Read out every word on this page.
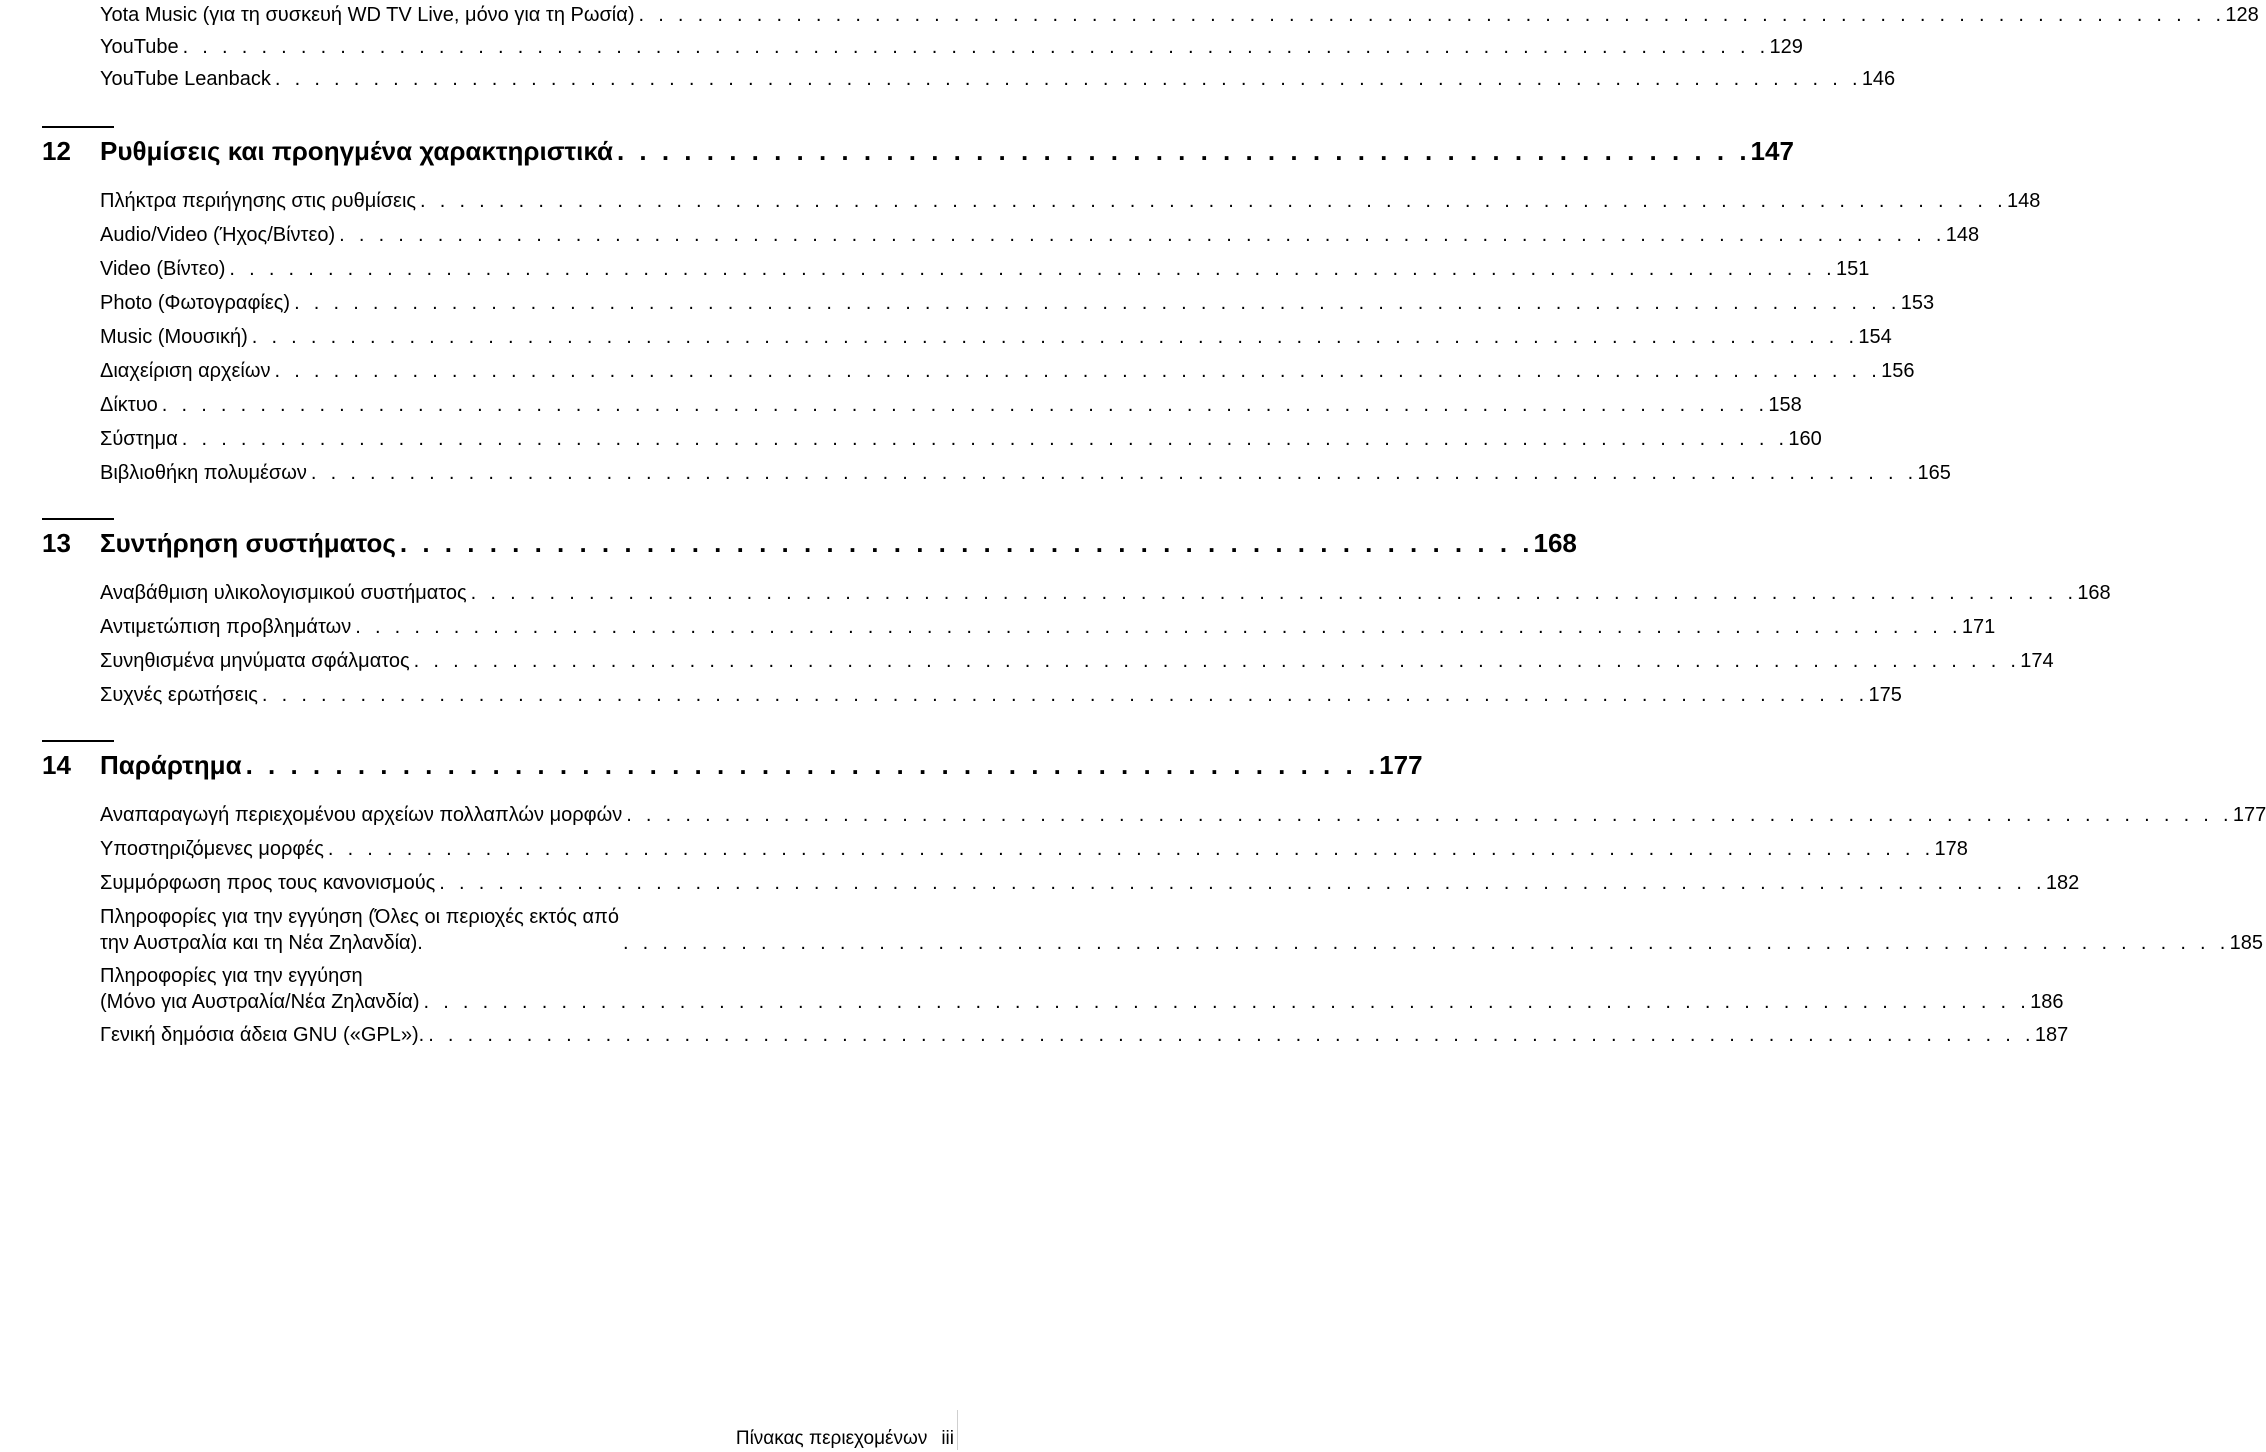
Yota Music (για τη συσκευή WD TV Live, μόνο για τη Ρωσία) . . . . . . . . . . . . . . . . . . . . . . . . . . . . . . . . . . . . . . . . . . . . . . . . . . . . . . . . . . . . . . . . . . . . . . . . . . . . . . . . . 128
YouTube . . . . . . . . . . . . . . . . . . . . . . . . . . . . . . . . . . . . . . . . . . . . . . . . . . . . . . . . . . . . . . . . . . . . . . . . . . . . . . . . . 129
YouTube Leanback . . . . . . . . . . . . . . . . . . . . . . . . . . . . . . . . . . . . . . . . . . . . . . . . . . . . . . . . . . . . . . . . . . . . . . . . . . . . . . . . . 146
12	Ρυθμίσεις και προηγμένα χαρακτηριστικά . . . . . . . . . . . . . . . . . . . . . . . . . . . . . . . . . . . . . . . . . . . . . . . . . . . 147
Πλήκτρα περιήγησης στις ρυθμίσεις . . . . . . . . . . . . . . . . . . . . . . . . . . . . . . . . . . . . . . . . . . . . . . . . . . . . . . . . . . . . . . . . . . . . . . . . . . . . . . . . . 148
Audio/Video (Ήχος/Βίντεο) . . . . . . . . . . . . . . . . . . . . . . . . . . . . . . . . . . . . . . . . . . . . . . . . . . . . . . . . . . . . . . . . . . . . . . . . . . . . . . . . . . 148
Video (Βίντεο) . . . . . . . . . . . . . . . . . . . . . . . . . . . . . . . . . . . . . . . . . . . . . . . . . . . . . . . . . . . . . . . . . . . . . . . . . . . . . . . . . . 151
Photo (Φωτογραφίες) . . . . . . . . . . . . . . . . . . . . . . . . . . . . . . . . . . . . . . . . . . . . . . . . . . . . . . . . . . . . . . . . . . . . . . . . . . . . . . . . . . 153
Music (Μουσική) . . . . . . . . . . . . . . . . . . . . . . . . . . . . . . . . . . . . . . . . . . . . . . . . . . . . . . . . . . . . . . . . . . . . . . . . . . . . . . . . . . 154
Διαχείριση αρχείων . . . . . . . . . . . . . . . . . . . . . . . . . . . . . . . . . . . . . . . . . . . . . . . . . . . . . . . . . . . . . . . . . . . . . . . . . . . . . . . . . . 156
Δίκτυο . . . . . . . . . . . . . . . . . . . . . . . . . . . . . . . . . . . . . . . . . . . . . . . . . . . . . . . . . . . . . . . . . . . . . . . . . . . . . . . . . . 158
Σύστημα . . . . . . . . . . . . . . . . . . . . . . . . . . . . . . . . . . . . . . . . . . . . . . . . . . . . . . . . . . . . . . . . . . . . . . . . . . . . . . . . . . 160
Βιβλιοθήκη πολυμέσων . . . . . . . . . . . . . . . . . . . . . . . . . . . . . . . . . . . . . . . . . . . . . . . . . . . . . . . . . . . . . . . . . . . . . . . . . . . . . . . . . . 165
13	Συντήρηση συστήματος . . . . . . . . . . . . . . . . . . . . . . . . . . . . . . . . . . . . . . . . . . . . . . . . . . . 168
Αναβάθμιση υλικολογισμικού συστήματος . . . . . . . . . . . . . . . . . . . . . . . . . . . . . . . . . . . . . . . . . . . . . . . . . . . . . . . . . . . . . . . . . . . . . . . . . . . . . . . . . . 168
Αντιμετώπιση προβλημάτων . . . . . . . . . . . . . . . . . . . . . . . . . . . . . . . . . . . . . . . . . . . . . . . . . . . . . . . . . . . . . . . . . . . . . . . . . . . . . . . . . . 171
Συνηθισμένα μηνύματα σφάλματος . . . . . . . . . . . . . . . . . . . . . . . . . . . . . . . . . . . . . . . . . . . . . . . . . . . . . . . . . . . . . . . . . . . . . . . . . . . . . . . . . . 174
Συχνές ερωτήσεις . . . . . . . . . . . . . . . . . . . . . . . . . . . . . . . . . . . . . . . . . . . . . . . . . . . . . . . . . . . . . . . . . . . . . . . . . . . . . . . . . . 175
14	Παράρτημα . . . . . . . . . . . . . . . . . . . . . . . . . . . . . . . . . . . . . . . . . . . . . . . . . . . 177
Αναπαραγωγή περιεχομένου αρχείων πολλαπλών μορφών . . . . . . . . . . . . . . . . . . . . . . . . . . . . . . . . . . . . . . . . . . . . . . . . . . . . . . . . . . . . . . . . . . . . . . . . . . . . . . . . . . 177
Υποστηριζόμενες μορφές . . . . . . . . . . . . . . . . . . . . . . . . . . . . . . . . . . . . . . . . . . . . . . . . . . . . . . . . . . . . . . . . . . . . . . . . . . . . . . . . . . 178
Συμμόρφωση προς τους κανονισμούς . . . . . . . . . . . . . . . . . . . . . . . . . . . . . . . . . . . . . . . . . . . . . . . . . . . . . . . . . . . . . . . . . . . . . . . . . . . . . . . . . . 182
Πληροφορίες για την εγγύηση (Όλες οι περιοχές εκτός από
την Αυστραλία και τη Νέα Ζηλανδία).	. . . . . . . . . . . . . . . . . . . . . . . . . . . . . . . . . . . . . . . . . . . . . . . . . . . . . . . . . . . . . . . . . . . . . . . . . . . . . . . . . . 185
Πληροφορίες για την εγγύηση
(Μόνο για Αυστραλία/Νέα Ζηλανδία) . . . . . . . . . . . . . . . . . . . . . . . . . . . . . . . . . . . . . . . . . . . . . . . . . . . . . . . . . . . . . . . . . . . . . . . . . . . . . . . . . . 186
Γενική δημόσια άδεια GNU («GPL»). . . . . . . . . . . . . . . . . . . . . . . . . . . . . . . . . . . . . . . . . . . . . . . . . . . . . . . . . . . . . . . . . . . . . . . . . . . . . . . . . . . 187
Πίνακας περιεχομένων iii
